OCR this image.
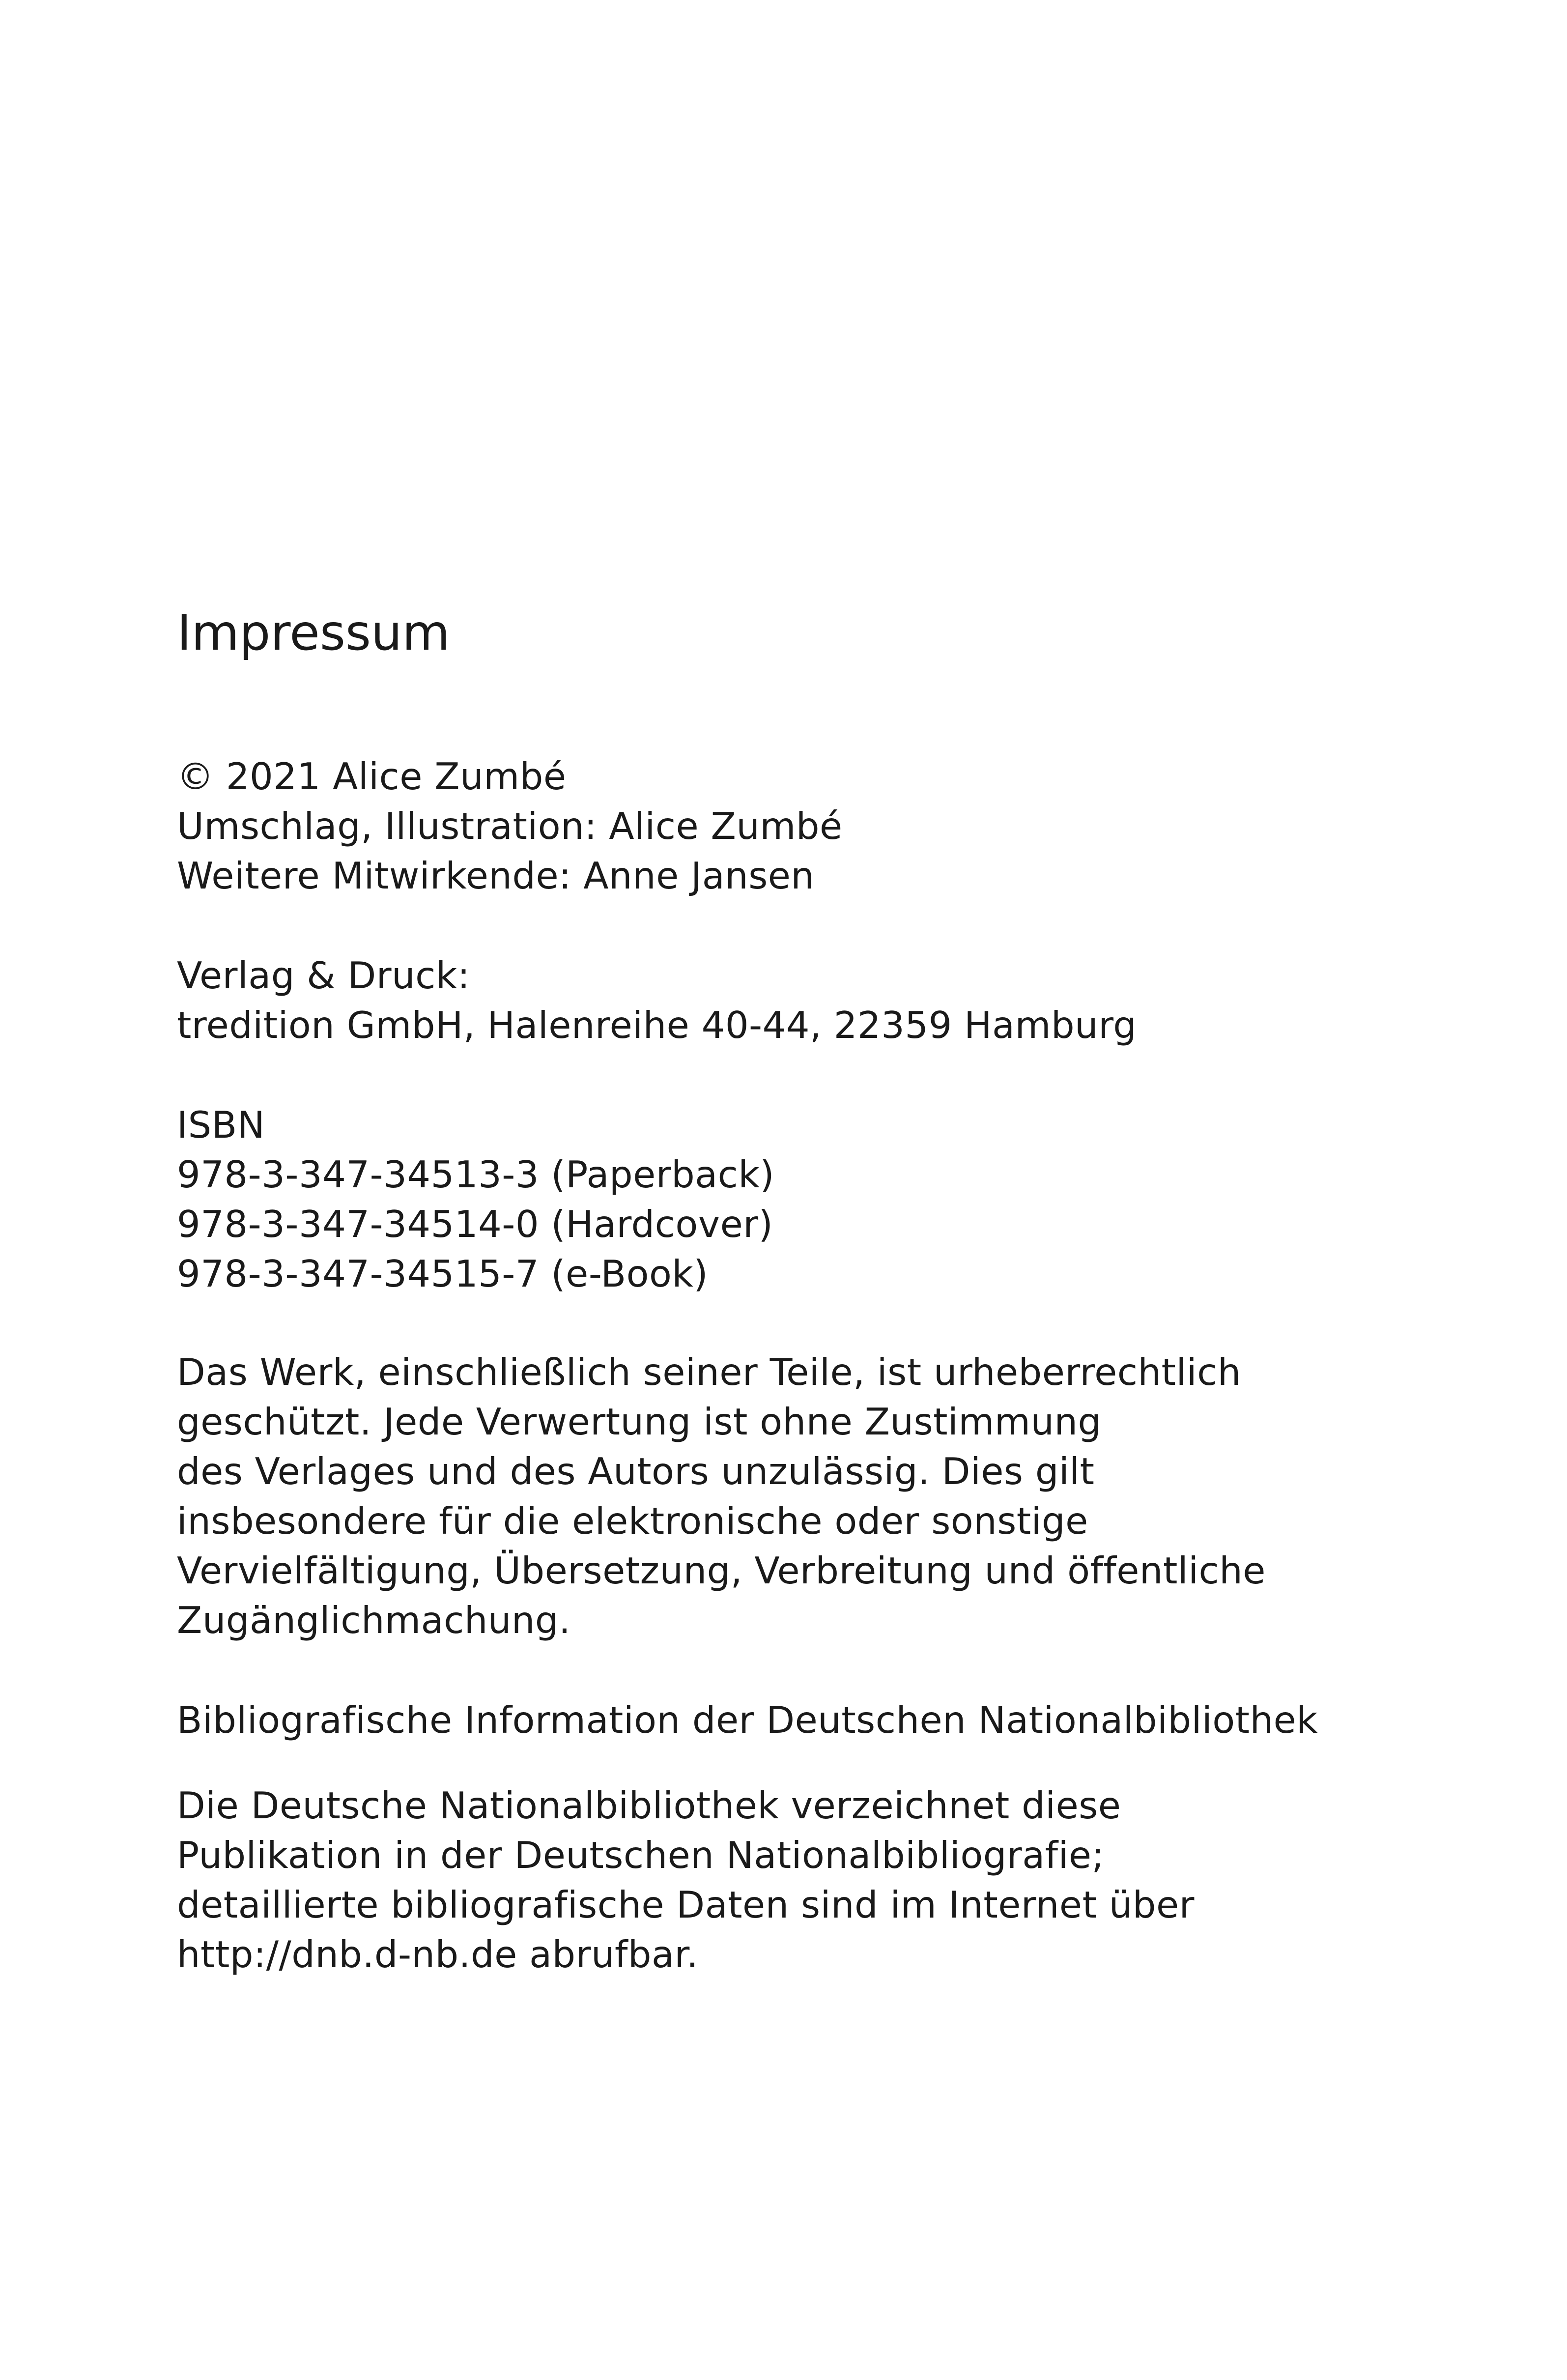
Impressum
© 2021 Alice Zumbé
Umschlag, Illustration: Alice Zumbé
Weitere Mitwirkende: Anne Jansen
Verlag & Druck:
tredition GmbH, Halenreihe 40-44, 22359 Hamburg
ISBN
978-3-347-34513-3 (Paperback)
978-3-347-34514-0 (Hardcover)
978-3-347-34515-7 (e-Book)
Das Werk, einschließlich seiner Teile, ist urheberrechtlich
geschützt. Jede Verwertung ist ohne Zustimmung
des Verlages und des Autors unzulässig. Dies gilt
insbesondere für die elektronische oder sonstige
Vervielfältigung, Übersetzung, Verbreitung und öffentliche
Zugänglichmachung.
Bibliografische Information der Deutschen Nationalbibliothek
Die Deutsche Nationalbibliothek verzeichnet diese
Publikation in der Deutschen Nationalbibliografie;
detaillierte bibliografische Daten sind im Internet über
http://dnb.d-nb.de abrufbar.
